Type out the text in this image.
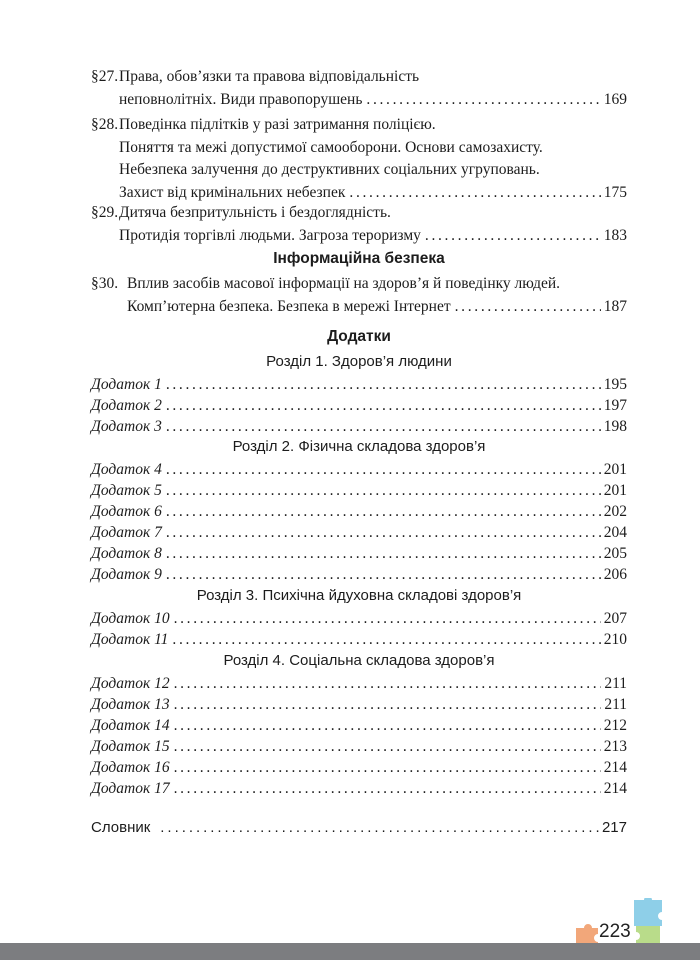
§27. Права, обов’язки та правова відповідальність
неповнолітніх. Види правопорушень . . .	169
§28. Поведінка підлітків у разі затримання поліцією.
Поняття та межі допустимої самооборони. Основи самозахисту.
Небезпека залучення до деструктивних соціальних угруповань.
Захист від кримінальних небезпек . . .	175
§29. Дитяча безпритульність і бездоглядність.
Протидія торгівлі людьми. Загроза тероризму . . .	183
Інформаційна безпека
§30. Вплив засобів масової інформації на здоров’я й поведінку людей.
Комп’ютерна безпека. Безпека в мережі Інтернет . . .	187
Додатки
Розділ 1. Здоров’я людини
Додаток 1 . . .	195
Додаток 2 . . .	197
Додаток 3 . . .	198
Розділ 2. Фізична складова здоров’я
Додаток 4 . . .	201
Додаток 5 . . .	201
Додаток 6 . . .	202
Додаток 7 . . .	204
Додаток 8 . . .	205
Додаток 9 . . .	206
Розділ 3. Психічна йдуховна складові здоров’я
Додаток 10 . . .	207
Додаток 11 . . .	210
Розділ 4. Соціальна складова здоров’я
Додаток 12 . . .	211
Додаток 13 . . .	211
Додаток 14 . . .	212
Додаток 15 . . .	213
Додаток 16 . . .	214
Додаток 17 . . .	214
Словник . . .	217
223
